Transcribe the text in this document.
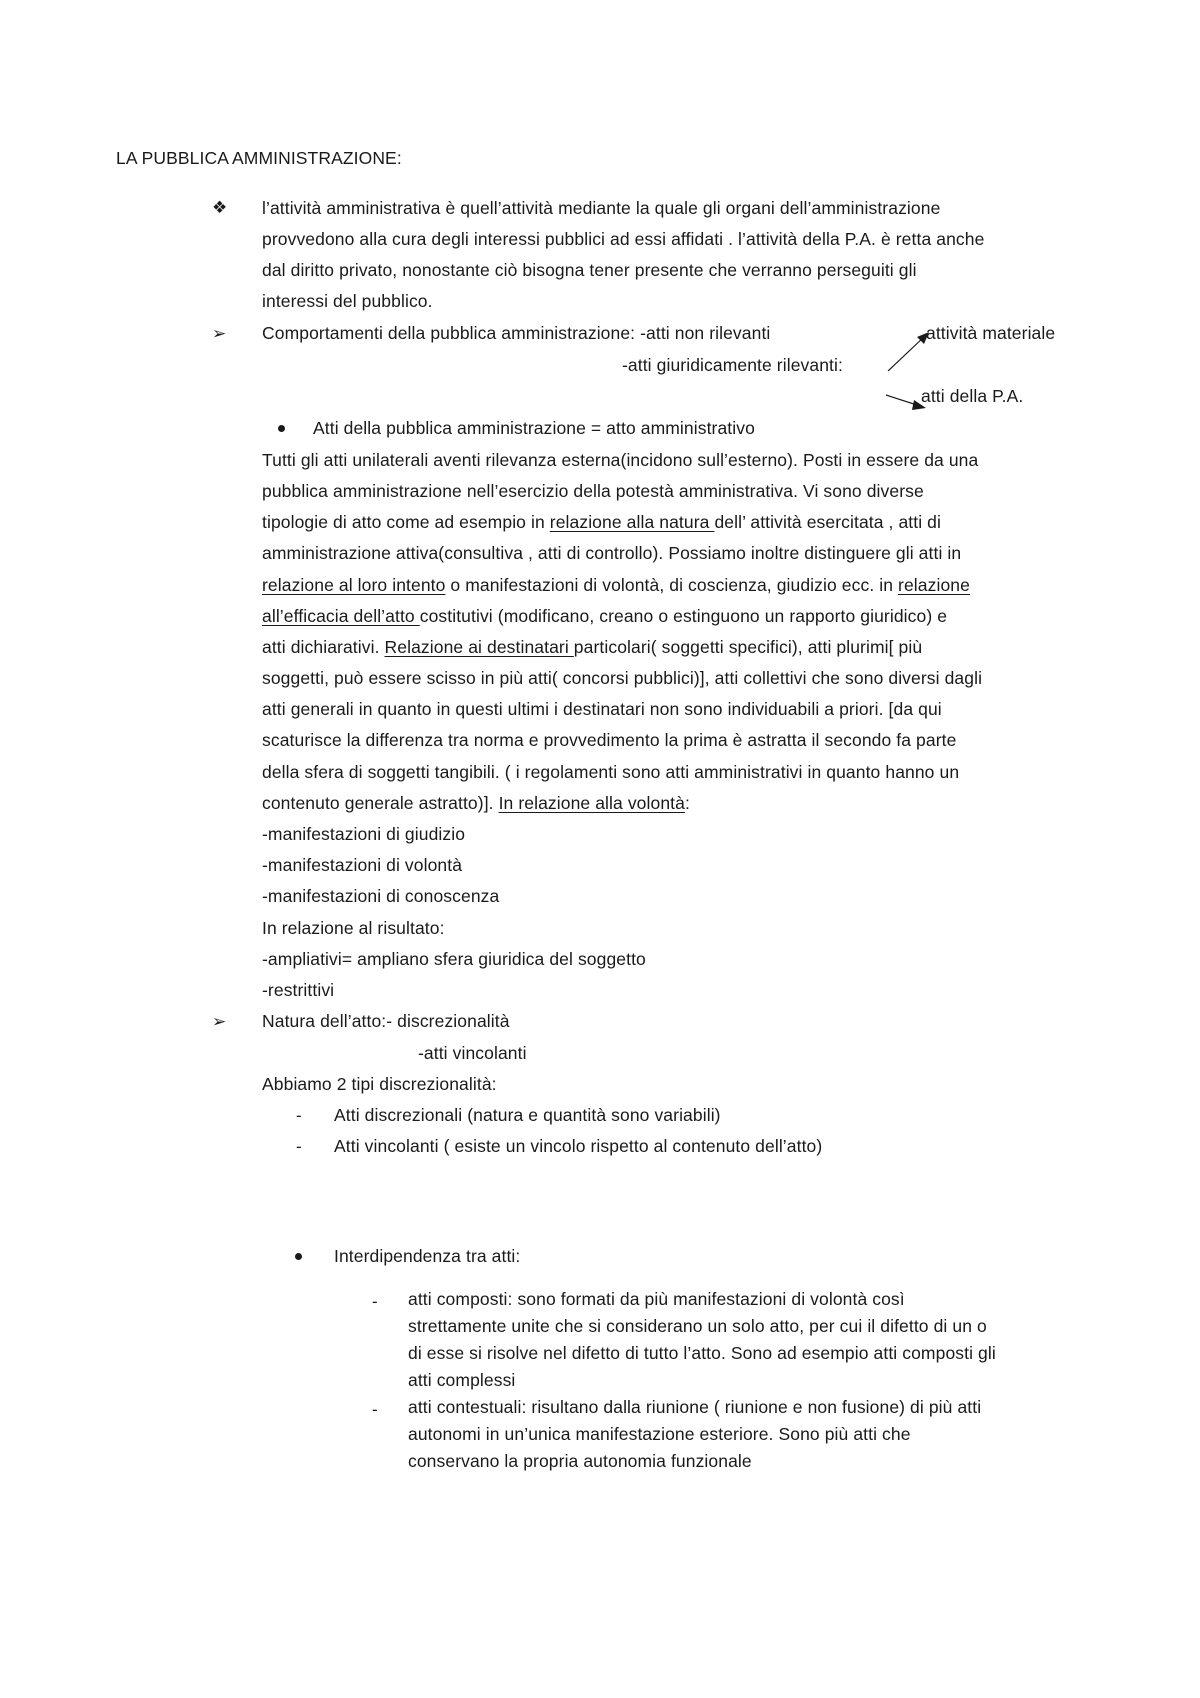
LA PUBBLICA AMMINISTRAZIONE:
❖ l’attività amministrativa è quell’attività mediante la quale gli organi dell’amministrazione
provvedono alla cura degli interessi pubblici ad essi affidati . l’attività della P.A. è retta anche
dal diritto privato, nonostante ciò bisogna tener presente che verranno perseguiti gli
interessi del pubblico.
➢ Comportamenti della pubblica amministrazione: -atti non rilevanti	attività materiale
-atti giuridicamente rilevanti:
atti della P.A.
Atti della pubblica amministrazione = atto amministrativo
Tutti gli atti unilaterali aventi rilevanza esterna(incidono sull’esterno). Posti in essere da una
pubblica amministrazione nell’esercizio della potestà amministrativa. Vi sono diverse
tipologie di atto come ad esempio in relazione alla natura dell’ attività esercitata , atti di
amministrazione attiva(consultiva , atti di controllo). Possiamo inoltre distinguere gli atti in
relazione al loro intento o manifestazioni di volontà, di coscienza, giudizio ecc. in relazione
all’efficacia dell’atto costitutivi (modificano, creano o estinguono un rapporto giuridico) e
atti dichiarativi. Relazione ai destinatari particolari( soggetti specifici), atti plurimi[ più
soggetti, può essere scisso in più atti( concorsi pubblici)], atti collettivi che sono diversi dagli
atti generali in quanto in questi ultimi i destinatari non sono individuabili a priori. [da qui
scaturisce la differenza tra norma e provvedimento la prima è astratta il secondo fa parte
della sfera di soggetti tangibili. ( i regolamenti sono atti amministrativi in quanto hanno un
contenuto generale astratto)]. In relazione alla volontà:
-manifestazioni di giudizio
-manifestazioni di volontà
-manifestazioni di conoscenza
In relazione al risultato:
-ampliativi= ampliano sfera giuridica del soggetto
-restrittivi
➢ Natura dell’atto:- discrezionalità
-atti vincolanti
Abbiamo 2 tipi discrezionalità:
- Atti discrezionali (natura e quantità sono variabili)
- Atti vincolanti ( esiste un vincolo rispetto al contenuto dell’atto)
Interdipendenza tra atti:
- atti composti: sono formati da più manifestazioni di volontà così
strettamente unite che si considerano un solo atto, per cui il difetto di un o
di esse si risolve nel difetto di tutto l’atto. Sono ad esempio atti composti gli
atti complessi
- atti contestuali: risultano dalla riunione ( riunione e non fusione) di più atti
autonomi in un’unica manifestazione esteriore. Sono più atti che
conservano la propria autonomia funzionale
